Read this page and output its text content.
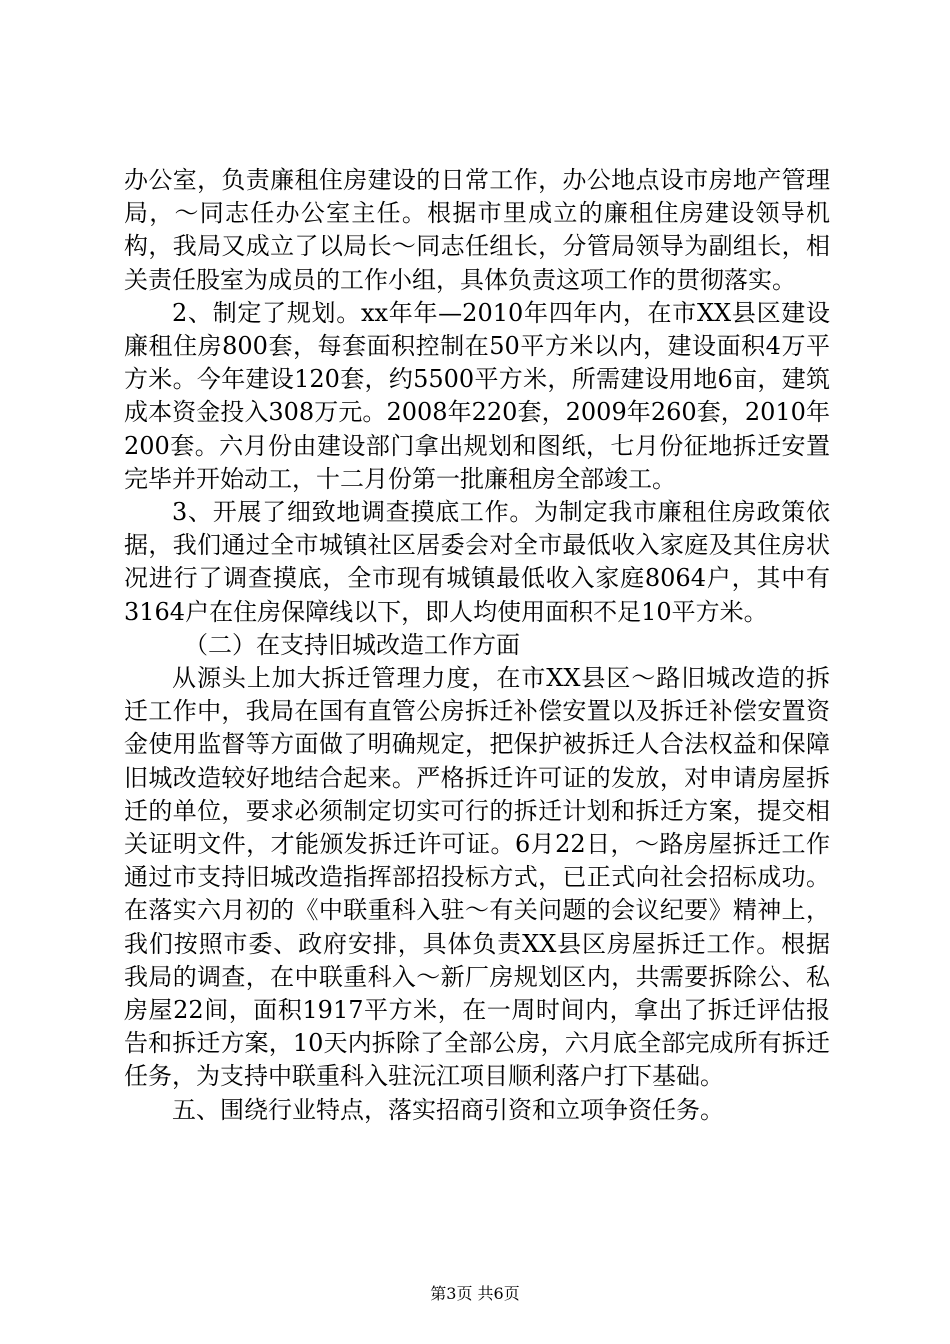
办公室，负责廉租住房建设的日常工作，办公地点设市房地产管理局，～同志任办公室主任。根据市里成立的廉租住房建设领导机构，我局又成立了以局长～同志任组长，分管局领导为副组长，相关责任股室为成员的工作小组，具体负责这项工作的贯彻落实。

2、制定了规划。xx年年—2010年四年内，在市XX县区建设廉租住房800套，每套面积控制在50平方米以内，建设面积4万平方米。今年建设120套，约5500平方米，所需建设用地6亩，建筑成本资金投入308万元。2008年220套，2009年260套，2010年200套。六月份由建设部门拿出规划和图纸，七月份征地拆迁安置完毕并开始动工，十二月份第一批廉租房全部竣工。

3、开展了细致地调查摸底工作。为制定我市廉租住房政策依据，我们通过全市城镇社区居委会对全市最低收入家庭及其住房状况进行了调查摸底，全市现有城镇最低收入家庭8064户，其中有3164户在住房保障线以下，即人均使用面积不足10平方米。

（二）在支持旧城改造工作方面

从源头上加大拆迁管理力度，在市XX县区～路旧城改造的拆迁工作中，我局在国有直管公房拆迁补偿安置以及拆迁补偿安置资金使用监督等方面做了明确规定，把保护被拆迁人合法权益和保障旧城改造较好地结合起来。严格拆迁许可证的发放，对申请房屋拆迁的单位，要求必须制定切实可行的拆迁计划和拆迁方案，提交相关证明文件，才能颁发拆迁许可证。6月22日，～路房屋拆迁工作通过市支持旧城改造指挥部招投标方式，已正式向社会招标成功。在落实六月初的《中联重科入驻～有关问题的会议纪要》精神上，我们按照市委、政府安排，具体负责XX县区房屋拆迁工作。根据我局的调查，在中联重科入～新厂房规划区内，共需要拆除公、私房屋22间，面积1917平方米，在一周时间内，拿出了拆迁评估报告和拆迁方案，10天内拆除了全部公房，六月底全部完成所有拆迁任务，为支持中联重科入驻沅江项目顺利落户打下基础。

五、围绕行业特点，落实招商引资和立项争资任务。

第3页 共6页
